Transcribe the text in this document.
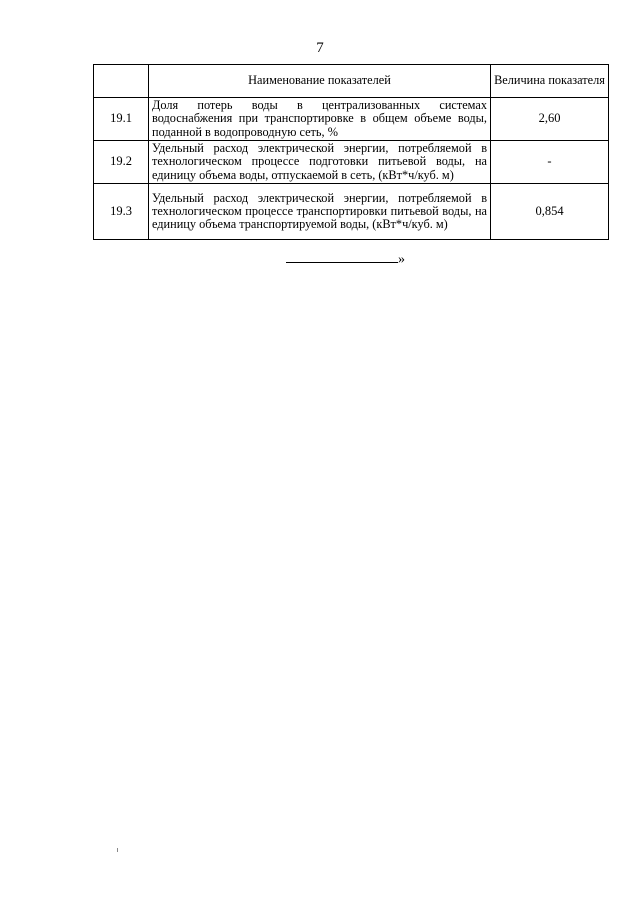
7
	Наименование показателей	Величина показателя
19.1	Доля потерь воды в централизованных системах водоснабжения при транспортировке в общем объеме воды, поданной в водопроводную сеть, %	2,60
19.2	Удельный расход электрической энергии, потребляемой в технологическом процессе подготовки питьевой воды, на единицу объема воды, отпускаемой в сеть, (кВт*ч/куб. м)	-
19.3	Удельный расход электрической энергии, потребляемой в технологическом процессе транспортировки питьевой воды, на единицу объема транспортируемой воды, (кВт*ч/куб. м)	0,854
»
